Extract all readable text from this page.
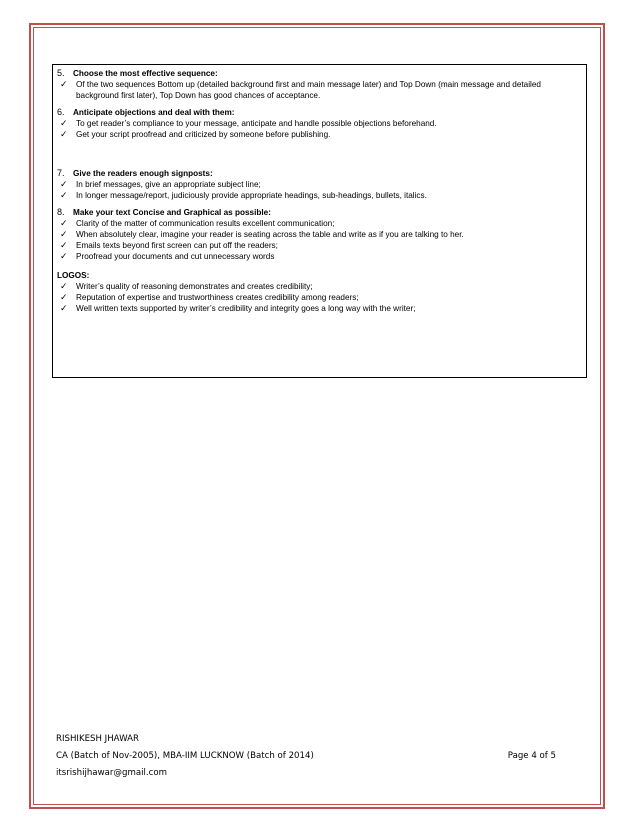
5.	Choose the most effective sequence:
✓	Of the two sequences Bottom up (detailed background first and main message later) and Top Down (main message and detailed background first later), Top Down has good chances of acceptance.
6.	Anticipate objections and deal with them:
✓	To get reader’s compliance to your message, anticipate and handle possible objections beforehand.
✓	Get your script proofread and criticized by someone before publishing.
7.	Give the readers enough signposts:
✓	In brief messages, give an appropriate subject line;
✓	In longer message/report, judiciously provide appropriate headings, sub-headings, bullets, italics.
8.	Make your text Concise and Graphical as possible:
✓	Clarity of the matter of communication results excellent communication;
✓	When absolutely clear, imagine your reader is seating across the table and write as if you are talking to her.
✓	Emails texts beyond first screen can put off the readers;
✓	Proofread your documents and cut unnecessary words
LOGOS:
✓	Writer’s quality of reasoning demonstrates and creates credibility;
✓	Reputation of expertise and trustworthiness creates credibility among readers;
✓	Well written texts supported by writer’s credibility and integrity goes a long way with the writer;
RISHIKESH JHAWAR
CA (Batch of Nov-2005), MBA-IIM LUCKNOW (Batch of 2014)	Page 4 of 5
itsrishijhawar@gmail.com
